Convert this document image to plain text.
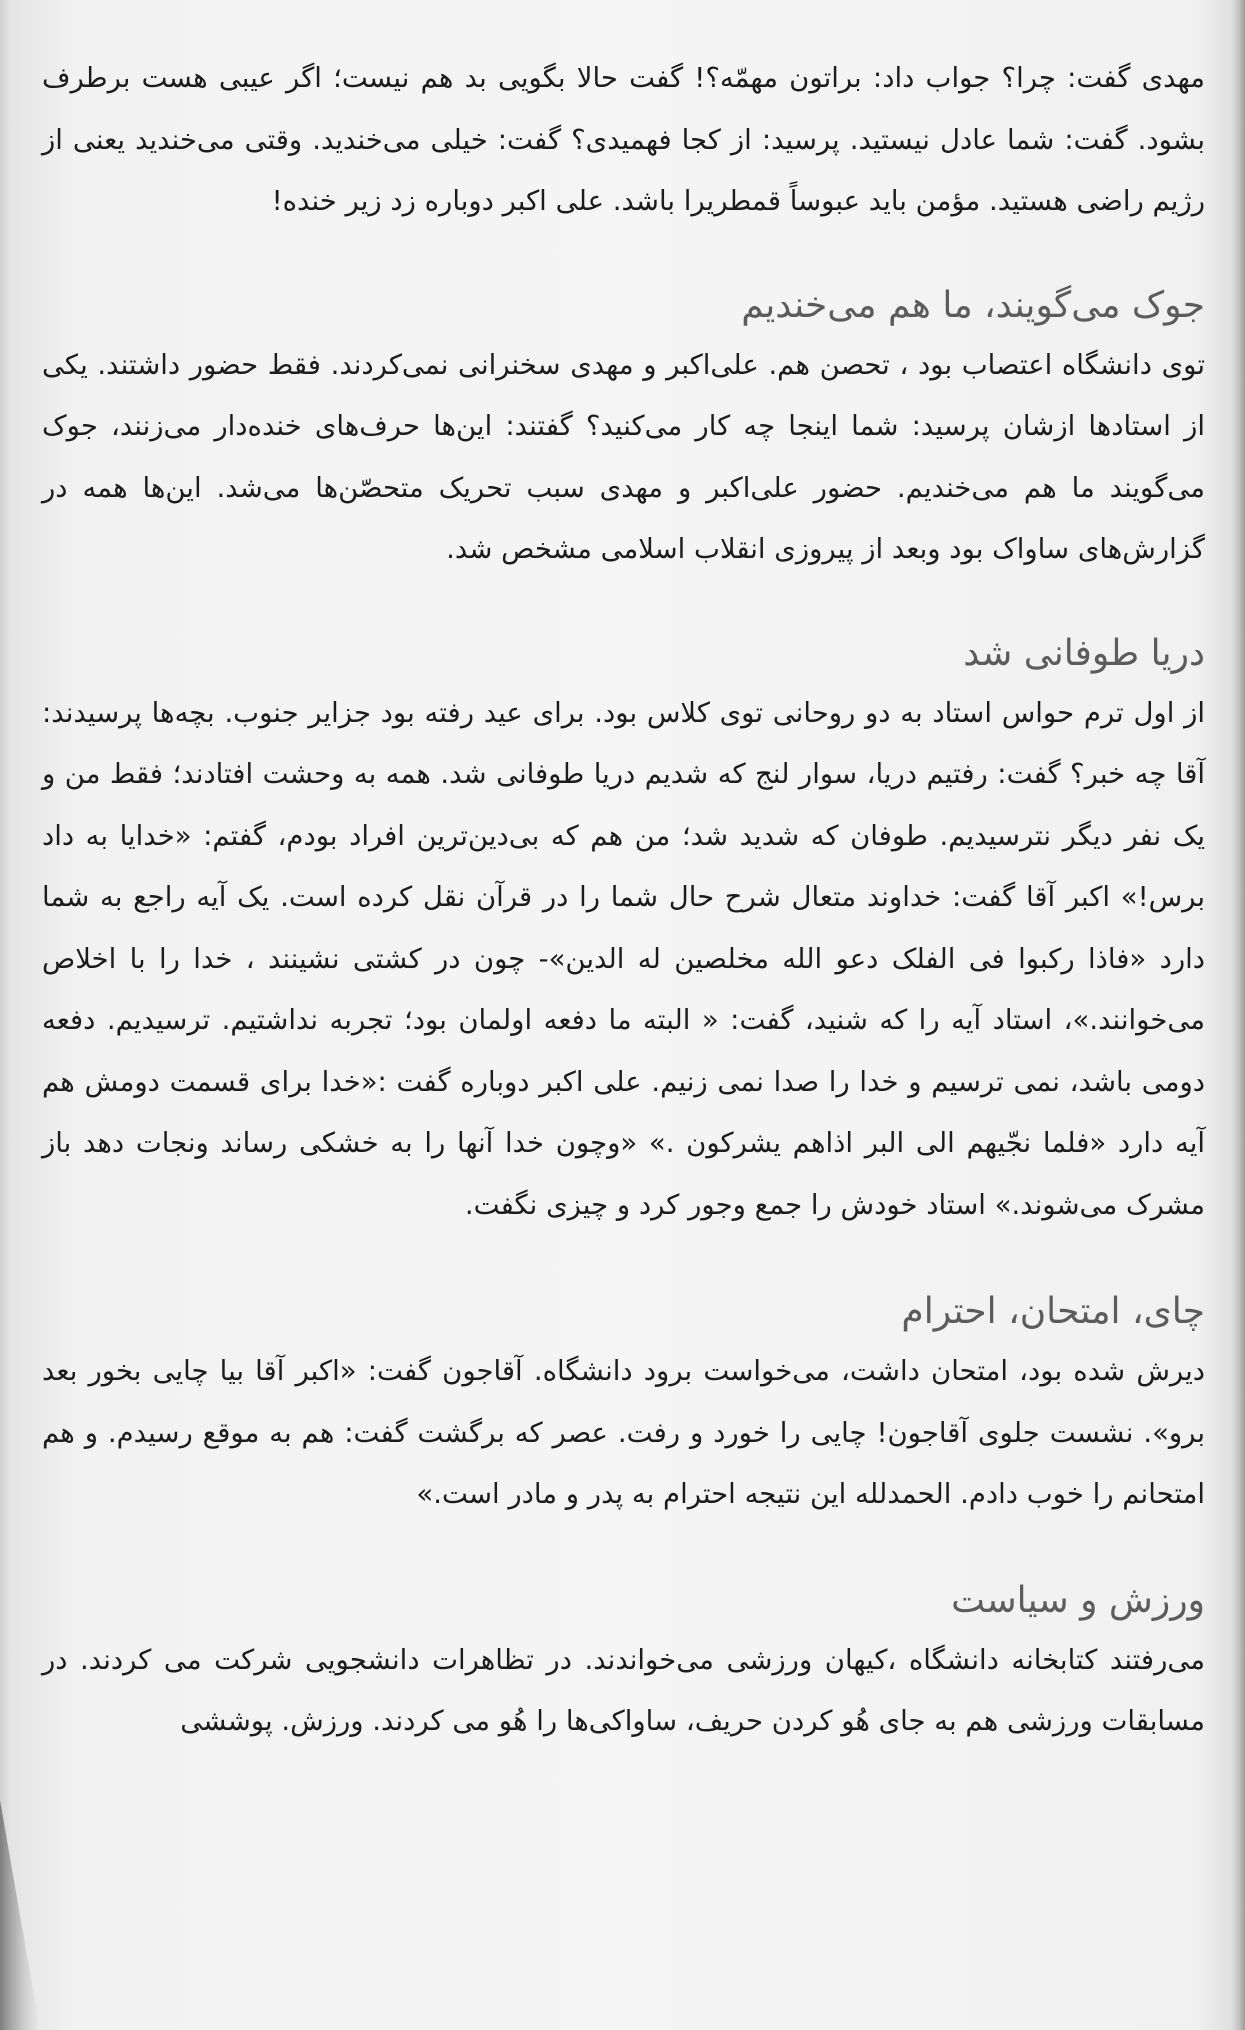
مهدی گفت: چرا؟ جواب داد: براتون مهمّه؟! گفت حالا بگویی بد هم نیست؛ اگر عیبی هست برطرف بشود. گفت: شما عادل نیستید. پرسید: از کجا فهمیدی؟ گفت: خیلی می‌خندید. وقتی می‌خندید یعنی از رژیم راضی هستید. مؤمن باید عبوساً قمطریرا باشد. علی اکبر دوباره زد زیر خنده!

جوک می‌گویند، ما هم می‌خندیم

توی دانشگاه اعتصاب بود ، تحصن هم. علی‌اکبر و مهدی سخنرانی نمی‌کردند. فقط حضور داشتند. یکی از استادها ازشان پرسید: شما اینجا چه کار می‌کنید؟ گفتند: این‌ها حرف‌های خنده‌دار می‌زنند، جوک می‌گویند ما هم می‌خندیم. حضور علی‌اکبر و مهدی سبب تحریک متحصّن‌ها می‌شد. این‌ها همه در گزارش‌های ساواک بود وبعد از پیروزی انقلاب اسلامی مشخص شد.

دریا طوفانی شد

از اول ترم حواس استاد به دو روحانی توی کلاس بود. برای عید رفته بود جزایر جنوب. بچه‌ها پرسیدند: آقا چه خبر؟ گفت: رفتیم دریا، سوار لنج که شدیم دریا طوفانی شد. همه به وحشت افتادند؛ فقط من و یک نفر دیگر نترسیدیم. طوفان که شدید شد؛ من هم که بی‌دین‌ترین افراد بودم، گفتم: «خدایا به داد برس!» اکبر آقا گفت: خداوند متعال شرح حال شما را در قرآن نقل کرده است. یک آیه راجع به شما دارد «فاذا رکبوا فی الفلک دعو الله مخلصین له الدین»- چون در کشتی نشینند ، خدا را با اخلاص می‌خوانند.»، استاد آیه را که شنید، گفت: « البته ما دفعه اولمان بود؛ تجربه نداشتیم. ترسیدیم. دفعه دومی باشد، نمی ترسیم و خدا را صدا نمی زنیم. علی اکبر دوباره گفت :«خدا برای قسمت دومش هم آیه دارد «فلما نجّیهم الی البر اذاهم یشرکون .» «وچون خدا آنها را به خشکی رساند ونجات دهد باز مشرک می‌شوند.» استاد خودش را جمع وجور کرد و چیزی نگفت.

چای، امتحان، احترام

دیرش شده بود، امتحان داشت، می‌خواست برود دانشگاه. آقاجون گفت: «اکبر آقا بیا چایی بخور بعد برو». نشست جلوی آقاجون! چایی را خورد و رفت. عصر که برگشت گفت: هم به موقع رسیدم. و هم امتحانم را خوب دادم. الحمدلله این نتیجه احترام به پدر و مادر است.»

ورزش و سیاست

می‌رفتند کتابخانه دانشگاه ،کیهان ورزشی می‌خواندند. در تظاهرات دانشجویی شرکت می کردند. در مسابقات ورزشی هم به جای هُو کردن حریف، ساواکی‌ها را هُو می کردند. ورزش. پوششی
